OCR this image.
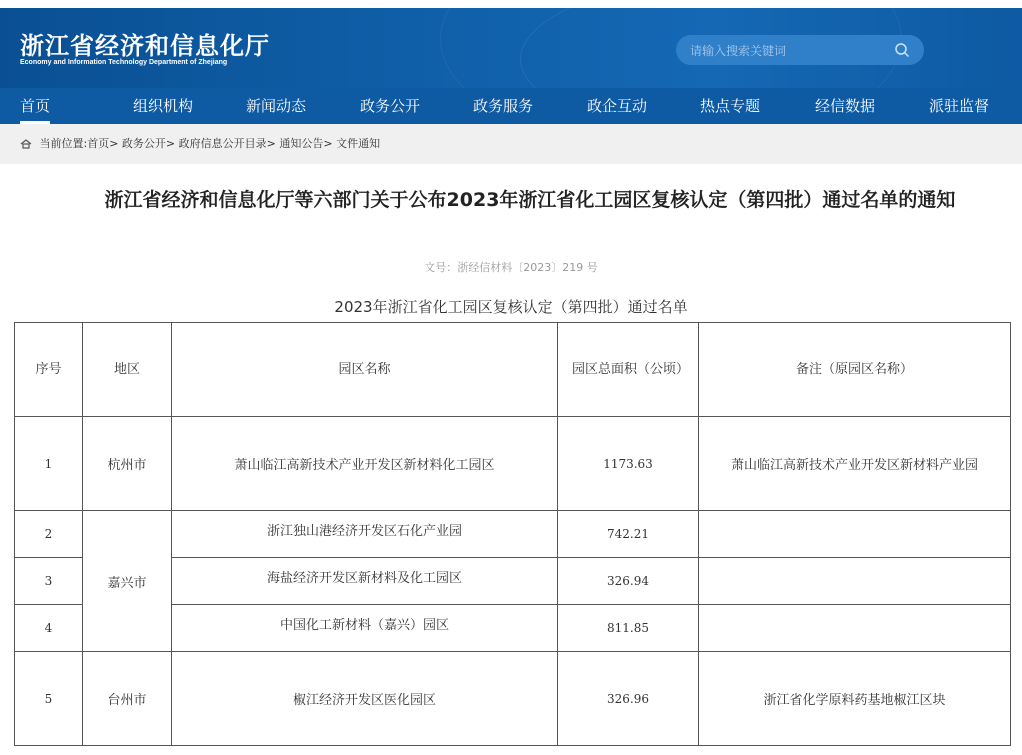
浙江省经济和信息化厅
Economy and Information Technology Department of Zhejiang
请输入搜索关键词
首页	组织机构	新闻动态	政务公开	政务服务	政企互动	热点专题	经信数据	派驻监督
当前位置:首页> 政务公开> 政府信息公开目录> 通知公告> 文件通知
浙江省经济和信息化厅等六部门关于公布2023年浙江省化工园区复核认定（第四批）通过名单的通知
文号：浙经信材料〔2023〕219 号
2023年浙江省化工园区复核认定（第四批）通过名单
序号	地区	园区名称	园区总面积（公顷）	备注（原园区名称）
1	杭州市	萧山临江高新技术产业开发区新材料化工园区	1173.63	萧山临江高新技术产业开发区新材料产业园
2	嘉兴市	浙江独山港经济开发区石化产业园	742.21	
3		海盐经济开发区新材料及化工园区	326.94	
4		中国化工新材料（嘉兴）园区	811.85	
5	台州市	椒江经济开发区医化园区	326.96	浙江省化学原料药基地椒江区块
